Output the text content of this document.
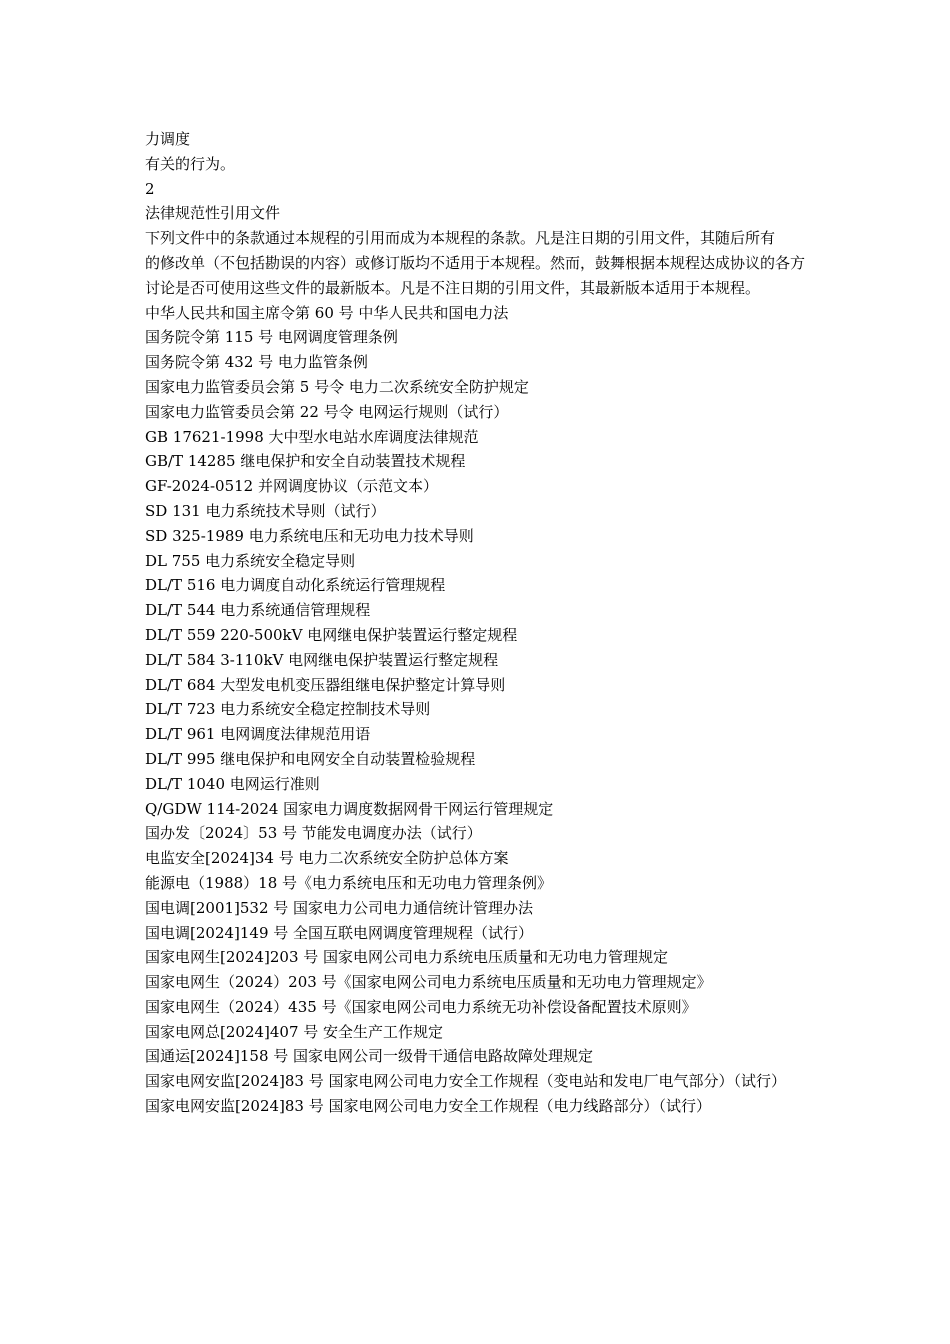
力调度
有关的行为。
2
法律规范性引用文件
下列文件中的条款通过本规程的引用而成为本规程的条款。凡是注日期的引用文件，其随后所有
的修改单（不包括勘误的内容）或修订版均不适用于本规程。然而，鼓舞根据本规程达成协议的各方
讨论是否可使用这些文件的最新版本。凡是不注日期的引用文件，其最新版本适用于本规程。
中华人民共和国主席令第 60 号 中华人民共和国电力法
国务院令第 115 号 电网调度管理条例
国务院令第 432 号 电力监管条例
国家电力监管委员会第 5 号令 电力二次系统安全防护规定
国家电力监管委员会第 22 号令 电网运行规则（试行）
GB 17621-1998 大中型水电站水库调度法律规范
GB/T 14285 继电保护和安全自动装置技术规程
GF-2024-0512 并网调度协议（示范文本）
SD 131 电力系统技术导则（试行）
SD 325-1989 电力系统电压和无功电力技术导则
DL 755 电力系统安全稳定导则
DL/T 516 电力调度自动化系统运行管理规程
DL/T 544 电力系统通信管理规程
DL/T 559 220-500kV 电网继电保护装置运行整定规程
DL/T 584 3-110kV 电网继电保护装置运行整定规程
DL/T 684 大型发电机变压器组继电保护整定计算导则
DL/T 723 电力系统安全稳定控制技术导则
DL/T 961 电网调度法律规范用语
DL/T 995 继电保护和电网安全自动装置检验规程
DL/T 1040 电网运行准则
Q/GDW 114-2024 国家电力调度数据网骨干网运行管理规定
国办发〔2024〕53 号 节能发电调度办法（试行）
电监安全[2024]34 号 电力二次系统安全防护总体方案
能源电（1988）18 号《电力系统电压和无功电力管理条例》
国电调[2001]532 号 国家电力公司电力通信统计管理办法
国电调[2024]149 号 全国互联电网调度管理规程（试行）
国家电网生[2024]203 号 国家电网公司电力系统电压质量和无功电力管理规定
国家电网生（2024）203 号《国家电网公司电力系统电压质量和无功电力管理规定》
国家电网生（2024）435 号《国家电网公司电力系统无功补偿设备配置技术原则》
国家电网总[2024]407 号 安全生产工作规定
国通运[2024]158 号 国家电网公司一级骨干通信电路故障处理规定
国家电网安监[2024]83 号 国家电网公司电力安全工作规程（变电站和发电厂电气部分）（试行）
国家电网安监[2024]83 号 国家电网公司电力安全工作规程（电力线路部分）（试行）
